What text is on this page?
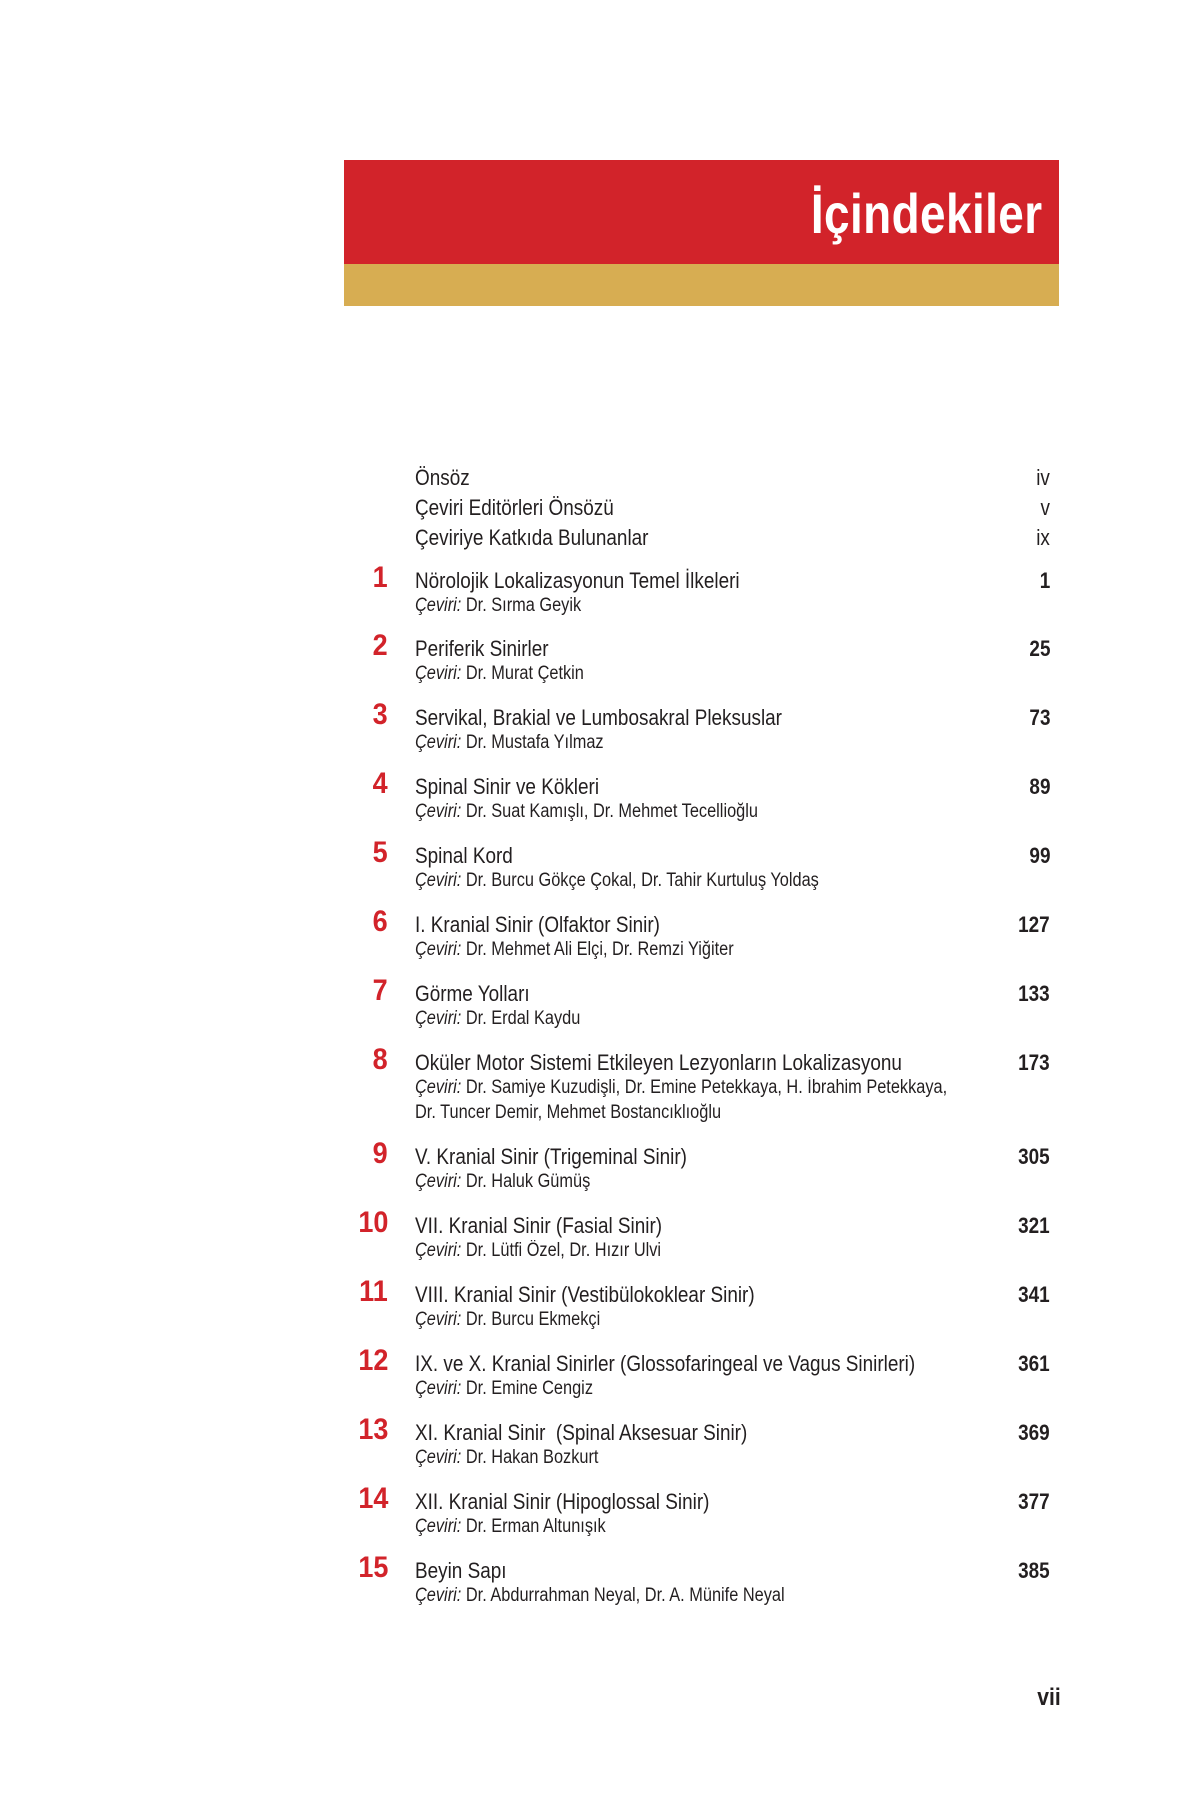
İçindekiler
Önsöz	iv
Çeviri Editörleri Önsözü	v
Çeviriye Katkıda Bulunanlar	ix
1 Nörolojik Lokalizasyonun Temel İlkeleri	1
Çeviri: Dr. Sırma Geyik
2 Periferik Sinirler	25
Çeviri: Dr. Murat Çetkin
3 Servikal, Brakial ve Lumbosakral Pleksuslar	73
Çeviri: Dr. Mustafa Yılmaz
4 Spinal Sinir ve Kökleri	89
Çeviri: Dr. Suat Kamışlı, Dr. Mehmet Tecellioğlu
5 Spinal Kord	99
Çeviri: Dr. Burcu Gökçe Çokal, Dr. Tahir Kurtuluş Yoldaş
6 I. Kranial Sinir (Olfaktor Sinir)	127
Çeviri: Dr. Mehmet Ali Elçi, Dr. Remzi Yiğiter
7 Görme Yolları	133
Çeviri: Dr. Erdal Kaydu
8 Oküler Motor Sistemi Etkileyen Lezyonların Lokalizasyonu	173
Çeviri: Dr. Samiye Kuzudişli, Dr. Emine Petekkaya, H. İbrahim Petekkaya,
Dr. Tuncer Demir, Mehmet Bostancıklıoğlu
9 V. Kranial Sinir (Trigeminal Sinir)	305
Çeviri: Dr. Haluk Gümüş
10 VII. Kranial Sinir (Fasial Sinir)	321
Çeviri: Dr. Lütfi Özel, Dr. Hızır Ulvi
11 VIII. Kranial Sinir (Vestibülokoklear Sinir)	341
Çeviri: Dr. Burcu Ekmekçi
12 IX. ve X. Kranial Sinirler (Glossofaringeal ve Vagus Sinirleri)	361
Çeviri: Dr. Emine Cengiz
13 XI. Kranial Sinir  (Spinal Aksesuar Sinir)	369
Çeviri: Dr. Hakan Bozkurt
14 XII. Kranial Sinir (Hipoglossal Sinir)	377
Çeviri: Dr. Erman Altunışık
15 Beyin Sapı	385
Çeviri: Dr. Abdurrahman Neyal, Dr. A. Münife Neyal
vii
